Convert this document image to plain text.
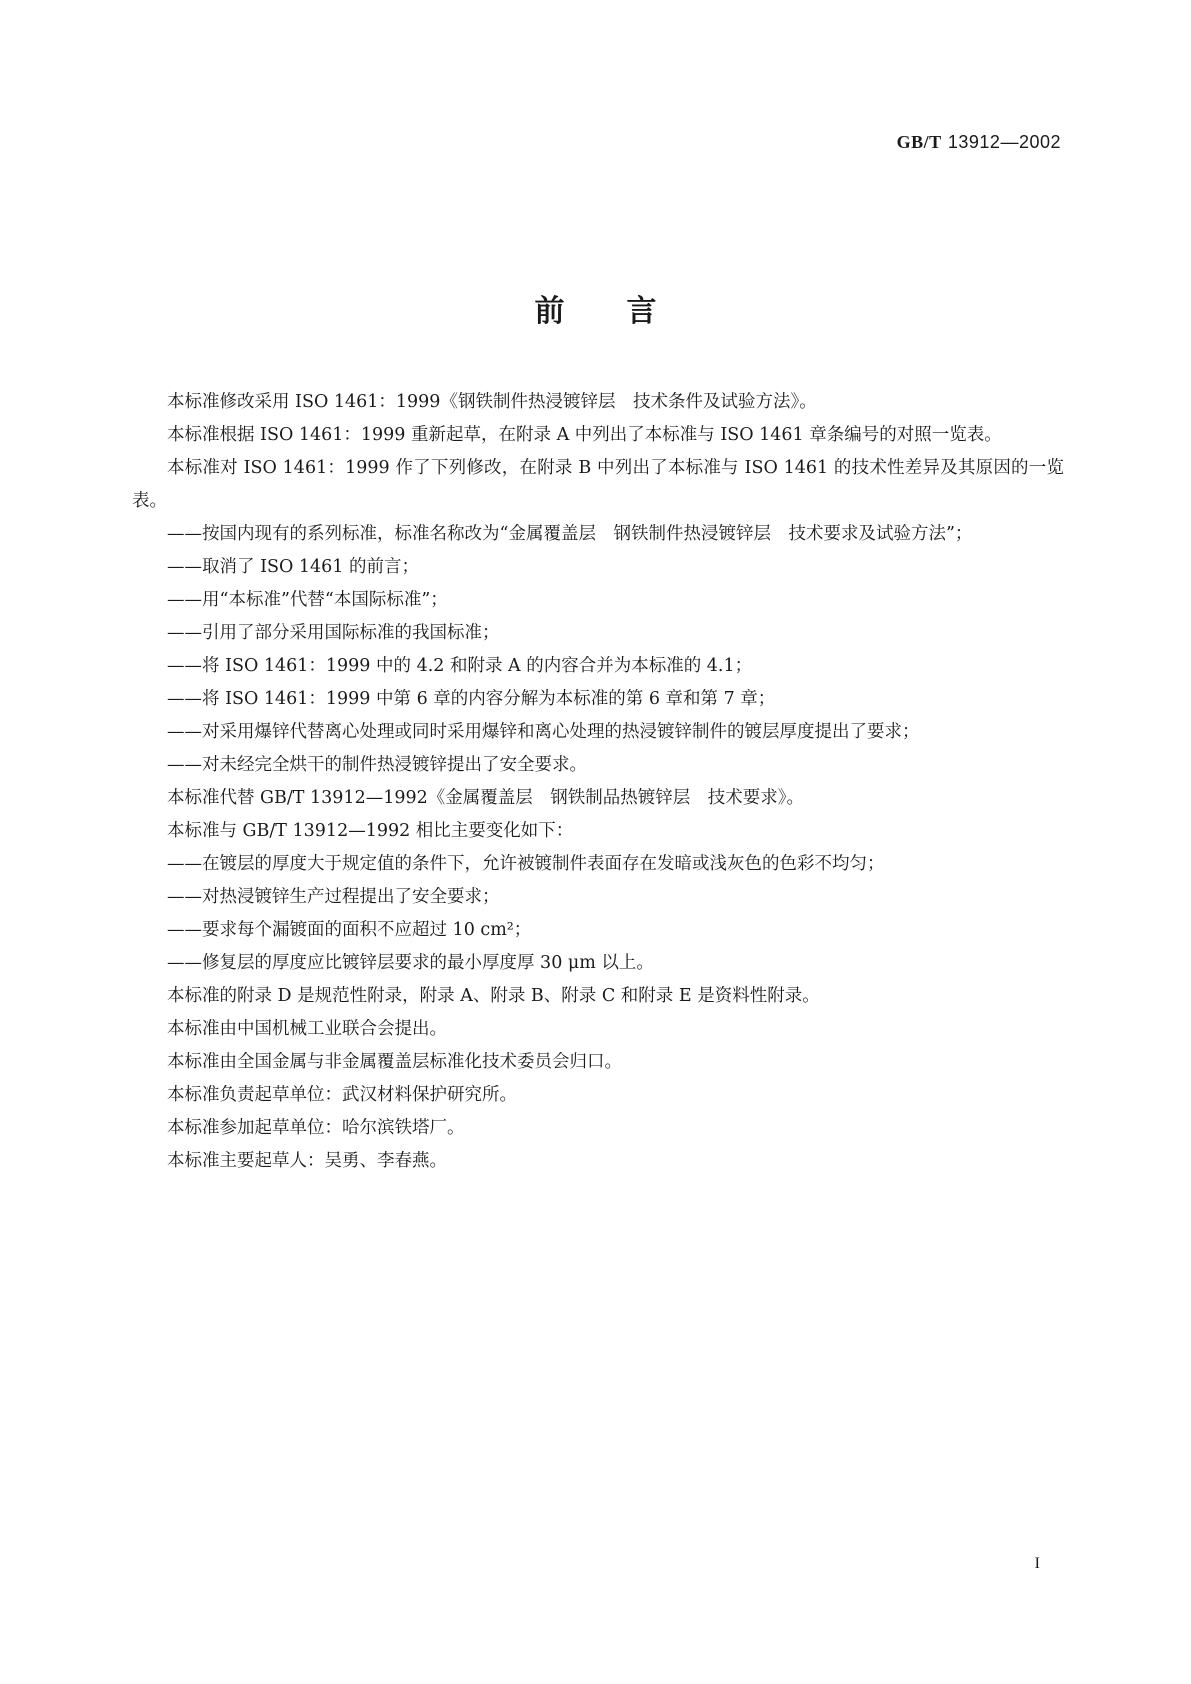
GB/T 13912—2002
前言

本标准修改采用 ISO 1461：1999《钢铁制件热浸镀锌层　技术条件及试验方法》。

本标准根据 ISO 1461：1999 重新起草，在附录 A 中列出了本标准与 ISO 1461 章条编号的对照一览表。

本标准对 ISO 1461：1999 作了下列修改，在附录 B 中列出了本标准与 ISO 1461 的技术性差异及其原因的一览表。

——按国内现有的系列标准，标准名称改为“金属覆盖层　钢铁制件热浸镀锌层　技术要求及试验方法”；

——取消了 ISO 1461 的前言；

——用“本标准”代替“本国际标准”；

——引用了部分采用国际标准的我国标准；

——将 ISO 1461：1999 中的 4.2 和附录 A 的内容合并为本标准的 4.1；

——将 ISO 1461：1999 中第 6 章的内容分解为本标准的第 6 章和第 7 章；

——对采用爆锌代替离心处理或同时采用爆锌和离心处理的热浸镀锌制件的镀层厚度提出了要求；

——对未经完全烘干的制件热浸镀锌提出了安全要求。

本标准代替 GB/T 13912—1992《金属覆盖层　钢铁制品热镀锌层　技术要求》。

本标准与 GB/T 13912—1992 相比主要变化如下：

——在镀层的厚度大于规定值的条件下，允许被镀制件表面存在发暗或浅灰色的色彩不均匀；

——对热浸镀锌生产过程提出了安全要求；

——要求每个漏镀面的面积不应超过 10 cm²；

——修复层的厚度应比镀锌层要求的最小厚度厚 30 μm 以上。

本标准的附录 D 是规范性附录，附录 A、附录 B、附录 C 和附录 E 是资料性附录。

本标准由中国机械工业联合会提出。

本标准由全国金属与非金属覆盖层标准化技术委员会归口。

本标准负责起草单位：武汉材料保护研究所。

本标准参加起草单位：哈尔滨铁塔厂。

本标准主要起草人：吴勇、李春燕。

I
